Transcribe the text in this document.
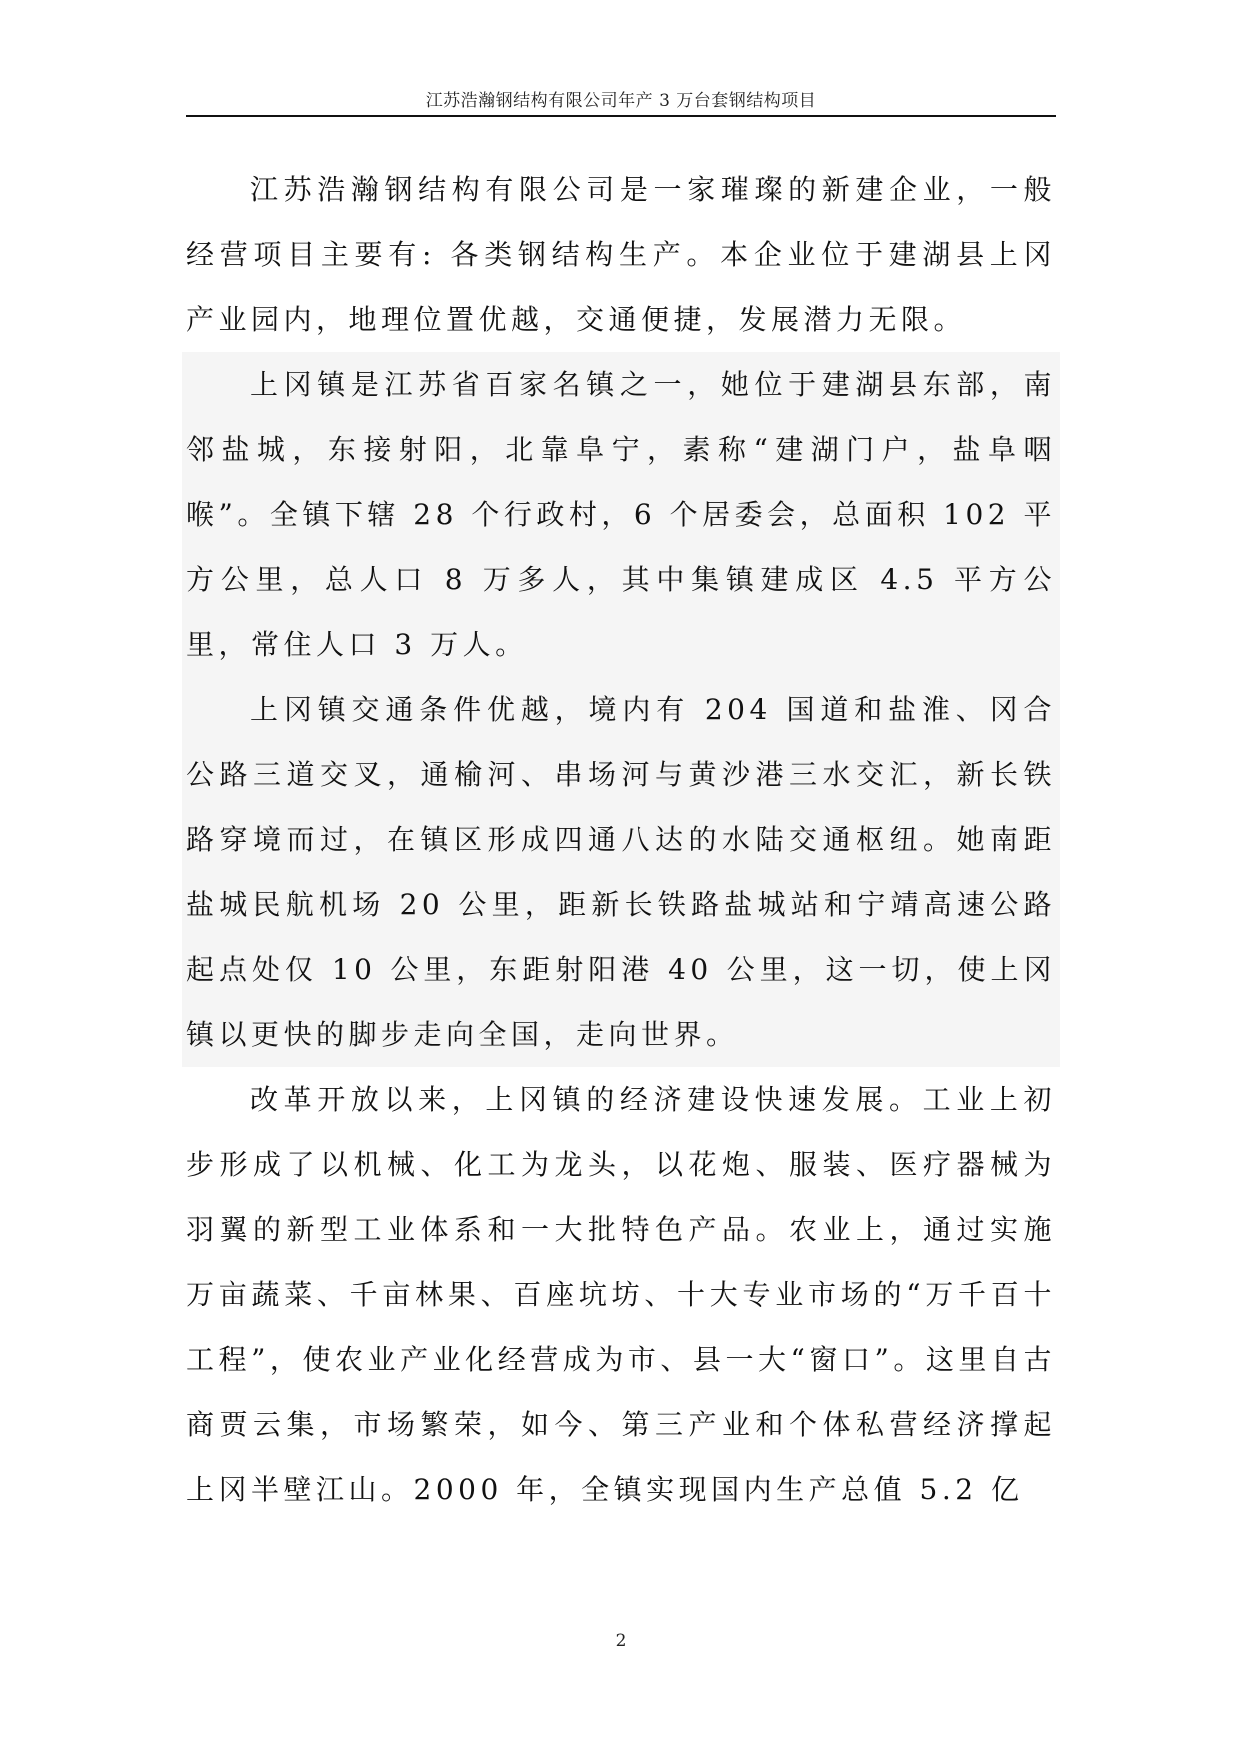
江苏浩瀚钢结构有限公司年产 3 万台套钢结构项目

江苏浩瀚钢结构有限公司是一家璀璨的新建企业，一般经营项目主要有: 各类钢结构生产。本企业位于建湖县上冈产业园内，地理位置优越，交通便捷，发展潜力无限。

上冈镇是江苏省百家名镇之一，她位于建湖县东部，南邻盐城，东接射阳，北靠阜宁，素称“建湖门户，盐阜咽喉”。全镇下辖 28 个行政村，6 个居委会，总面积 102 平方公里，总人口 8 万多人，其中集镇建成区 4.5 平方公里，常住人口 3 万人。

上冈镇交通条件优越，境内有 204 国道和盐淮、冈合公路三道交叉，通榆河、串场河与黄沙港三水交汇，新长铁路穿境而过，在镇区形成四通八达的水陆交通枢纽。她南距盐城民航机场 20 公里，距新长铁路盐城站和宁靖高速公路起点处仅 10 公里，东距射阳港 40 公里，这一切，使上冈镇以更快的脚步走向全国，走向世界。

改革开放以来，上冈镇的经济建设快速发展。工业上初步形成了以机械、化工为龙头，以花炮、服装、医疗器械为羽翼的新型工业体系和一大批特色产品。农业上，通过实施万亩蔬菜、千亩林果、百座坑坊、十大专业市场的“万千百十工程”，使农业产业化经营成为市、县一大“窗口”。这里自古商贾云集，市场繁荣，如今、第三产业和个体私营经济撑起上冈半壁江山。2000 年，全镇实现国内生产总值 5.2 亿

2
